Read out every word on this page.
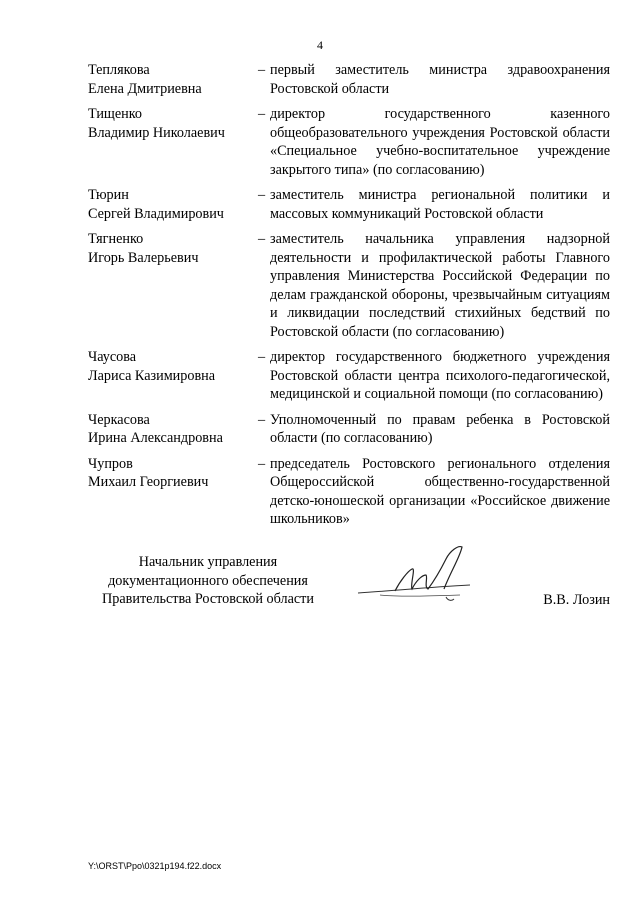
4
Теплякова
Елена Дмитриевна
– первый заместитель министра здравоохранения Ростовской области
Тищенко
Владимир Николаевич
– директор государственного казенного общеобразовательного учреждения Ростовской области «Специальное учебно-воспитательное учреждение закрытого типа» (по согласованию)
Тюрин
Сергей Владимирович
– заместитель министра региональной политики и массовых коммуникаций Ростовской области
Тягненко
Игорь Валерьевич
– заместитель начальника управления надзорной деятельности и профилактической работы Главного управления Министерства Российской Федерации по делам гражданской обороны, чрезвычайным ситуациям и ликвидации последствий стихийных бедствий по Ростовской области (по согласованию)
Чаусова
Лариса Казимировна
– директор государственного бюджетного учреждения Ростовской области центра психолого-педагогической, медицинской и социальной помощи (по согласованию)
Черкасова
Ирина Александровна
– Уполномоченный по правам ребенка в Ростовской области (по согласованию)
Чупров
Михаил Георгиевич
– председатель Ростовского регионального отделения Общероссийской общественно-государственной детско-юношеской организации «Российское движение школьников»
Начальник управления
документационного обеспечения
Правительства Ростовской области	В.В. Лозин
Y:\ORST\Ppo\0321p194.f22.docx
